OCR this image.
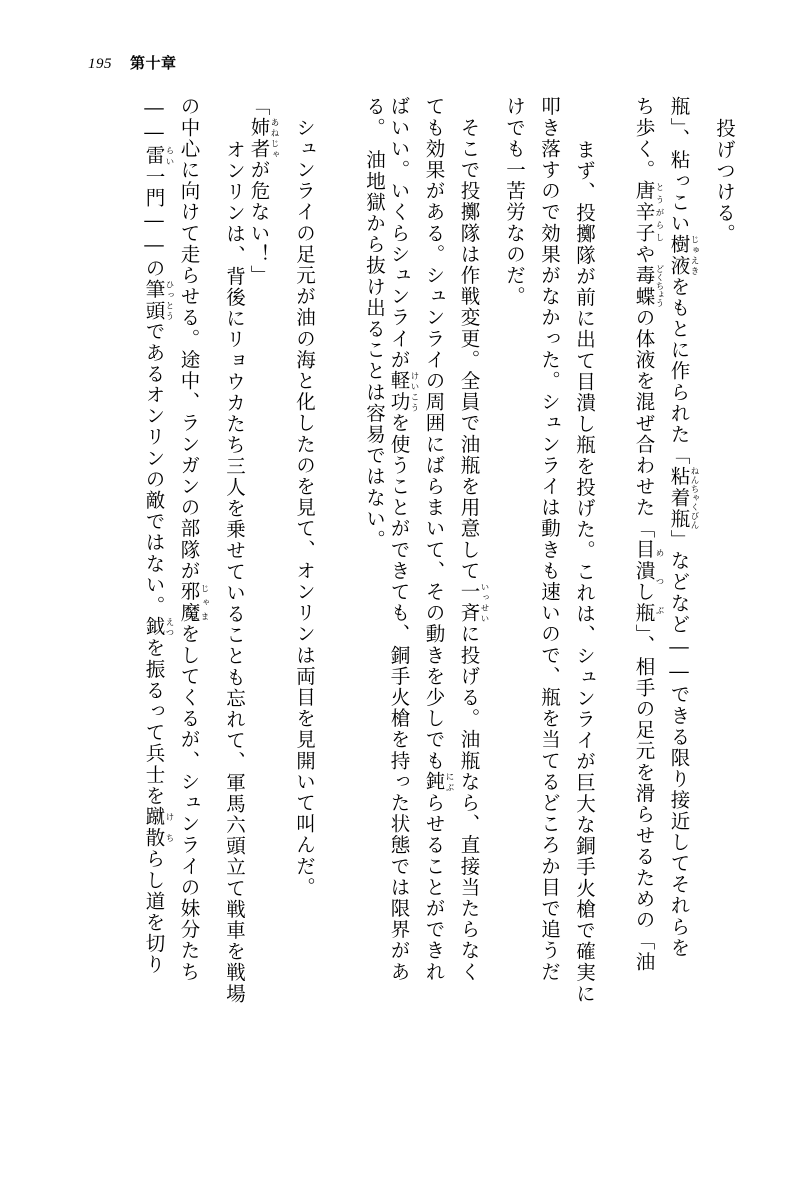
195 第十章
投げつける。
瓶」、粘っこい樹液じゅえきをもとに作られた「粘着瓶ねんちゃくびん」などなど――できる限り接近してそれらを
ち歩く。唐辛子とうがらしや毒蝶どくちょうの体液を混ぜ合わせた「目潰し瓶めつぶ」、相手の足元を滑らせるための「油
　まず、投擲隊が前に出て目潰し瓶を投げた。これは、シュンライが巨大な銅手火槍で確実に
叩き落すので効果がなかった。シュンライは動きも速いので、瓶を当てるどころか目で追うだ
けでも一苦労なのだ。
　そこで投擲隊は作戦変更。全員で油瓶を用意して一斉いっせいに投げる。油瓶なら、直接当たらなく
ても効果がある。シュンライの周囲にばらまいて、その動きを少しでも鈍にぶらせることができれ
ばいい。いくらシュンライが軽功けいこうを使うことができても、銅手火槍を持った状態では限界があ
る。　油地獄から抜け出ることは容易ではない。
　シュンライの足元が油の海と化したのを見て、オンリンは両目を見開いて叫んだ。
「姉者あねじゃが危ない！」
　オンリンは、背後にリョウカたち三人を乗せていることも忘れて、軍馬六頭立て戦車を戦場
の中心に向けて走らせる。途中、ランガンの部隊が邪魔じゃまをしてくるが、シュンライの妹分たち
――雷らい一門――の筆頭ひっとうであるオンリンの敵ではない。鉞えつを振るって兵士を蹴散けちらし道を切り
